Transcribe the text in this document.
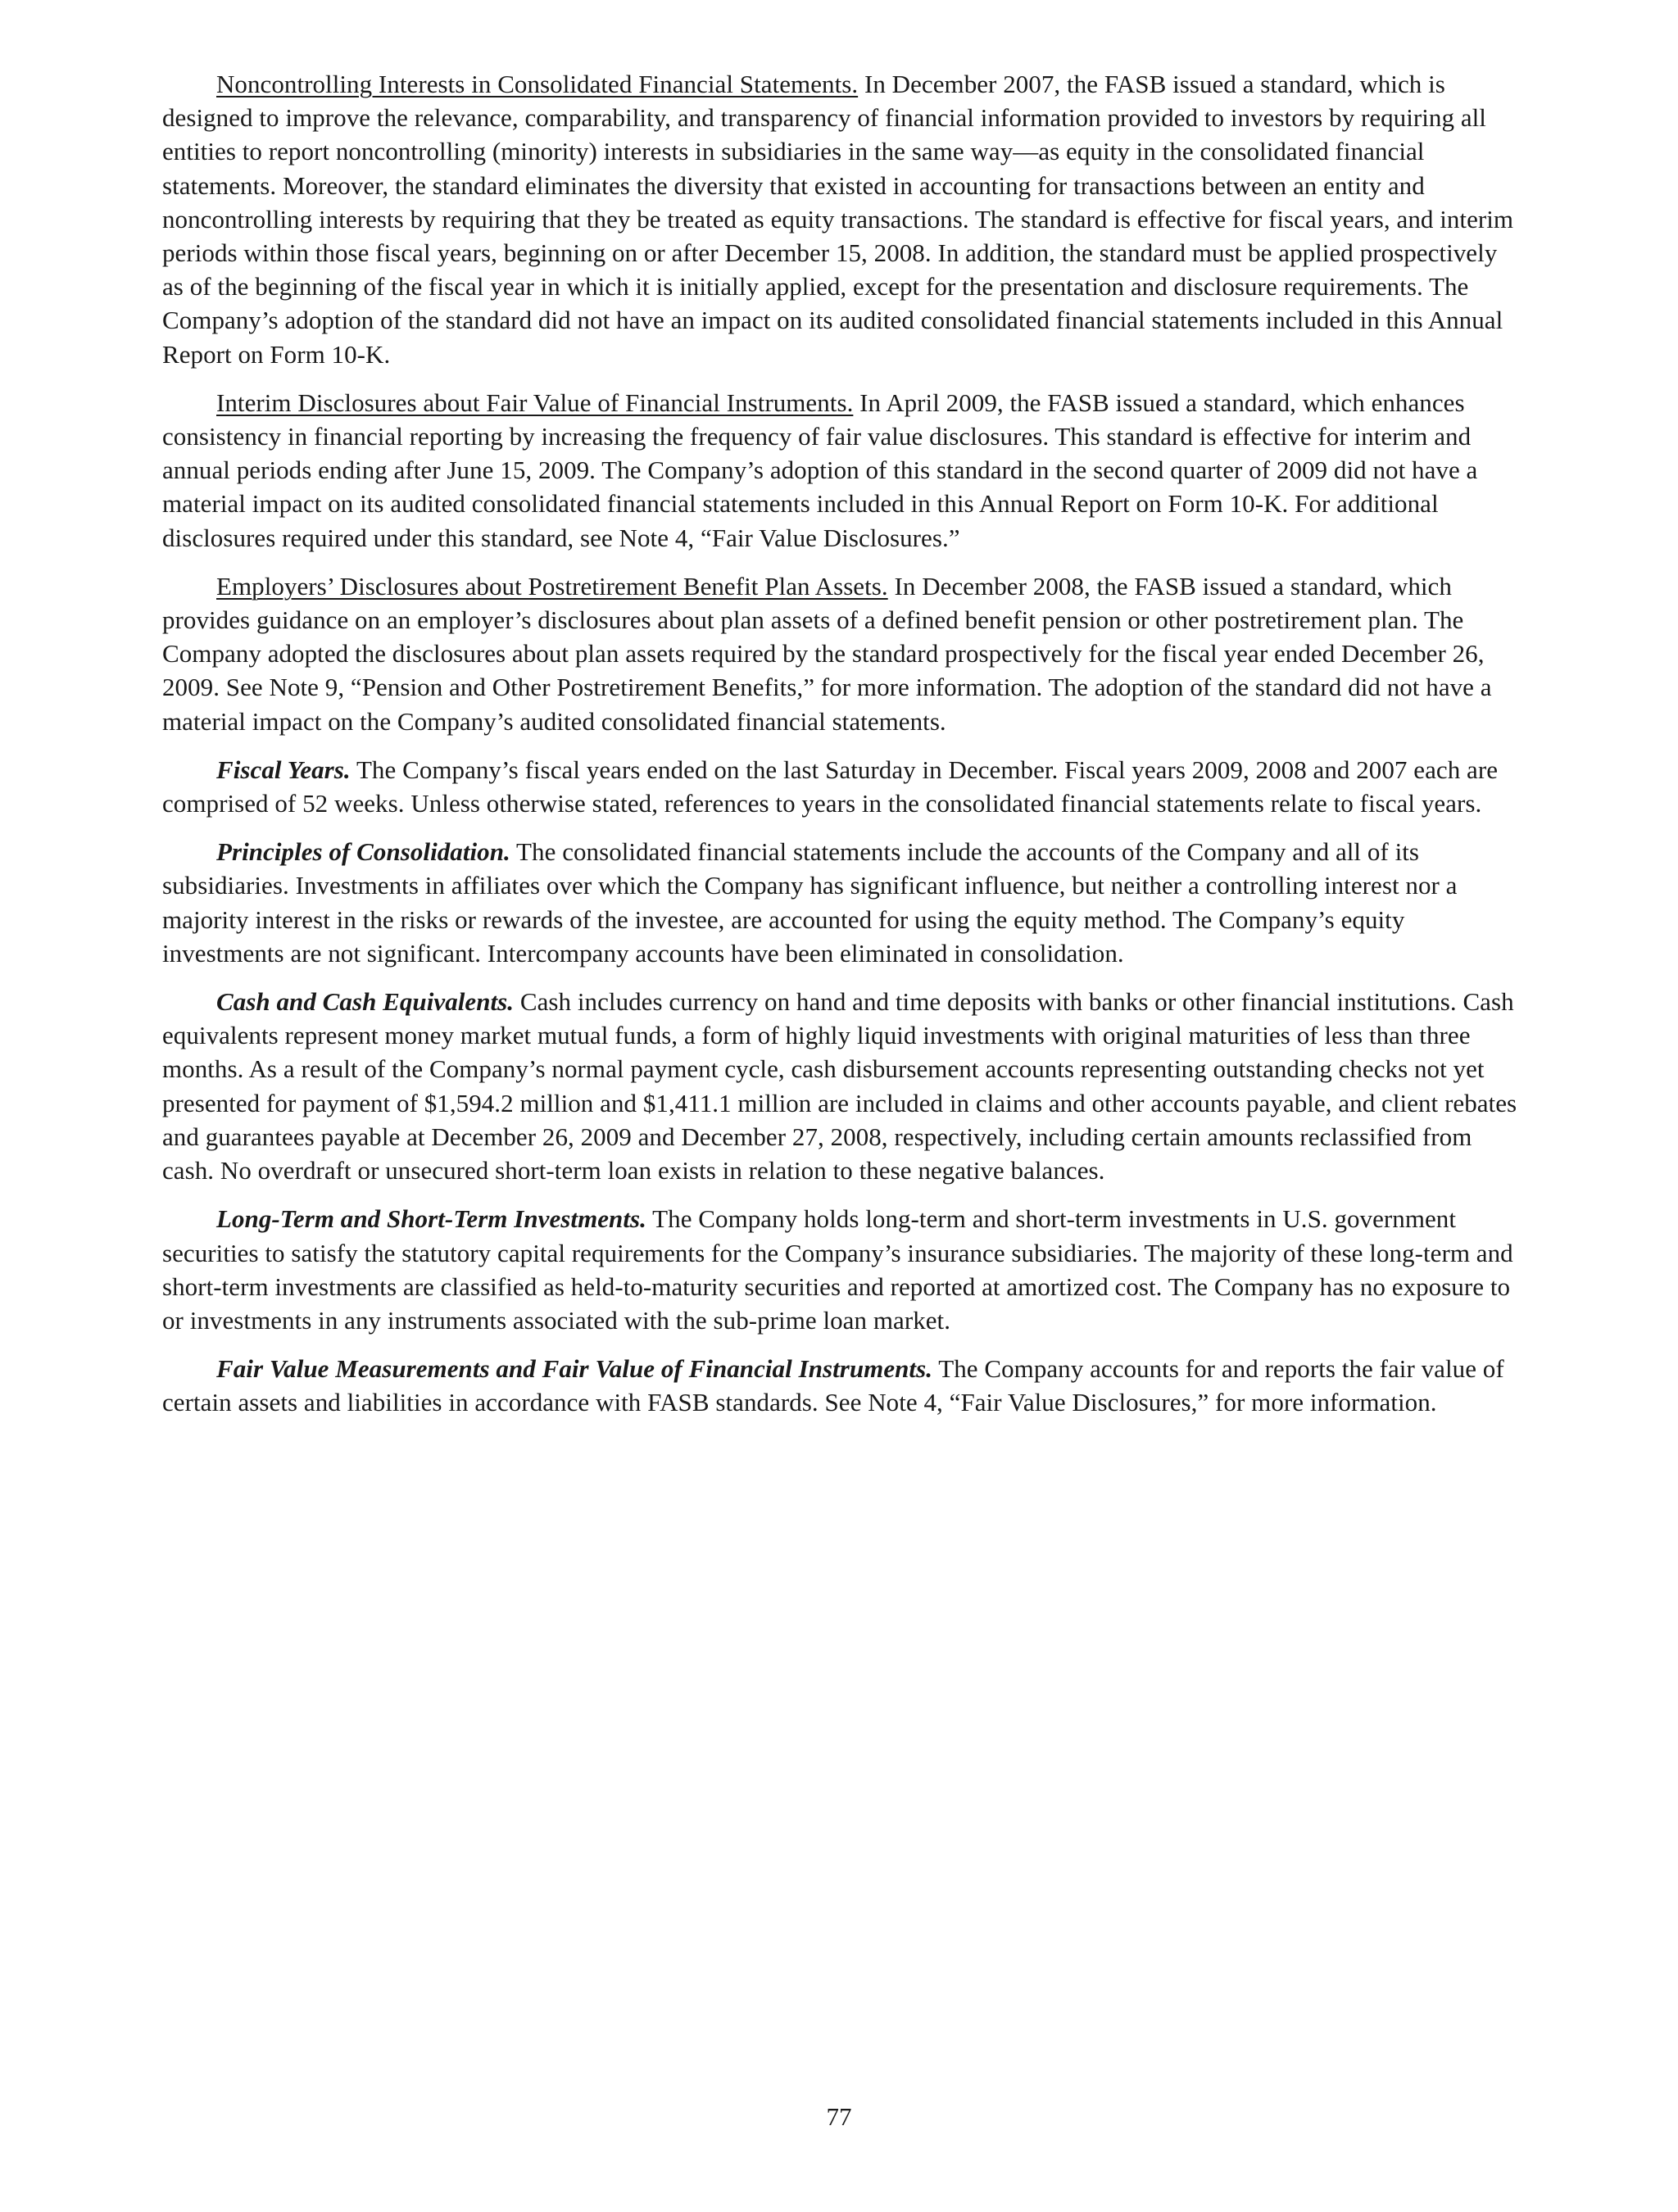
Noncontrolling Interests in Consolidated Financial Statements. In December 2007, the FASB issued a standard, which is designed to improve the relevance, comparability, and transparency of financial information provided to investors by requiring all entities to report noncontrolling (minority) interests in subsidiaries in the same way—as equity in the consolidated financial statements. Moreover, the standard eliminates the diversity that existed in accounting for transactions between an entity and noncontrolling interests by requiring that they be treated as equity transactions. The standard is effective for fiscal years, and interim periods within those fiscal years, beginning on or after December 15, 2008. In addition, the standard must be applied prospectively as of the beginning of the fiscal year in which it is initially applied, except for the presentation and disclosure requirements. The Company’s adoption of the standard did not have an impact on its audited consolidated financial statements included in this Annual Report on Form 10-K.

Interim Disclosures about Fair Value of Financial Instruments. In April 2009, the FASB issued a standard, which enhances consistency in financial reporting by increasing the frequency of fair value disclosures. This standard is effective for interim and annual periods ending after June 15, 2009. The Company’s adoption of this standard in the second quarter of 2009 did not have a material impact on its audited consolidated financial statements included in this Annual Report on Form 10-K. For additional disclosures required under this standard, see Note 4, “Fair Value Disclosures.”

Employers’ Disclosures about Postretirement Benefit Plan Assets. In December 2008, the FASB issued a standard, which provides guidance on an employer’s disclosures about plan assets of a defined benefit pension or other postretirement plan. The Company adopted the disclosures about plan assets required by the standard prospectively for the fiscal year ended December 26, 2009. See Note 9, “Pension and Other Postretirement Benefits,” for more information. The adoption of the standard did not have a material impact on the Company’s audited consolidated financial statements.

Fiscal Years. The Company’s fiscal years ended on the last Saturday in December. Fiscal years 2009, 2008 and 2007 each are comprised of 52 weeks. Unless otherwise stated, references to years in the consolidated financial statements relate to fiscal years.

Principles of Consolidation. The consolidated financial statements include the accounts of the Company and all of its subsidiaries. Investments in affiliates over which the Company has significant influence, but neither a controlling interest nor a majority interest in the risks or rewards of the investee, are accounted for using the equity method. The Company’s equity investments are not significant. Intercompany accounts have been eliminated in consolidation.

Cash and Cash Equivalents. Cash includes currency on hand and time deposits with banks or other financial institutions. Cash equivalents represent money market mutual funds, a form of highly liquid investments with original maturities of less than three months. As a result of the Company’s normal payment cycle, cash disbursement accounts representing outstanding checks not yet presented for payment of $1,594.2 million and $1,411.1 million are included in claims and other accounts payable, and client rebates and guarantees payable at December 26, 2009 and December 27, 2008, respectively, including certain amounts reclassified from cash. No overdraft or unsecured short-term loan exists in relation to these negative balances.

Long-Term and Short-Term Investments. The Company holds long-term and short-term investments in U.S. government securities to satisfy the statutory capital requirements for the Company’s insurance subsidiaries. The majority of these long-term and short-term investments are classified as held-to-maturity securities and reported at amortized cost. The Company has no exposure to or investments in any instruments associated with the sub-prime loan market.

Fair Value Measurements and Fair Value of Financial Instruments. The Company accounts for and reports the fair value of certain assets and liabilities in accordance with FASB standards. See Note 4, “Fair Value Disclosures,” for more information.

77
